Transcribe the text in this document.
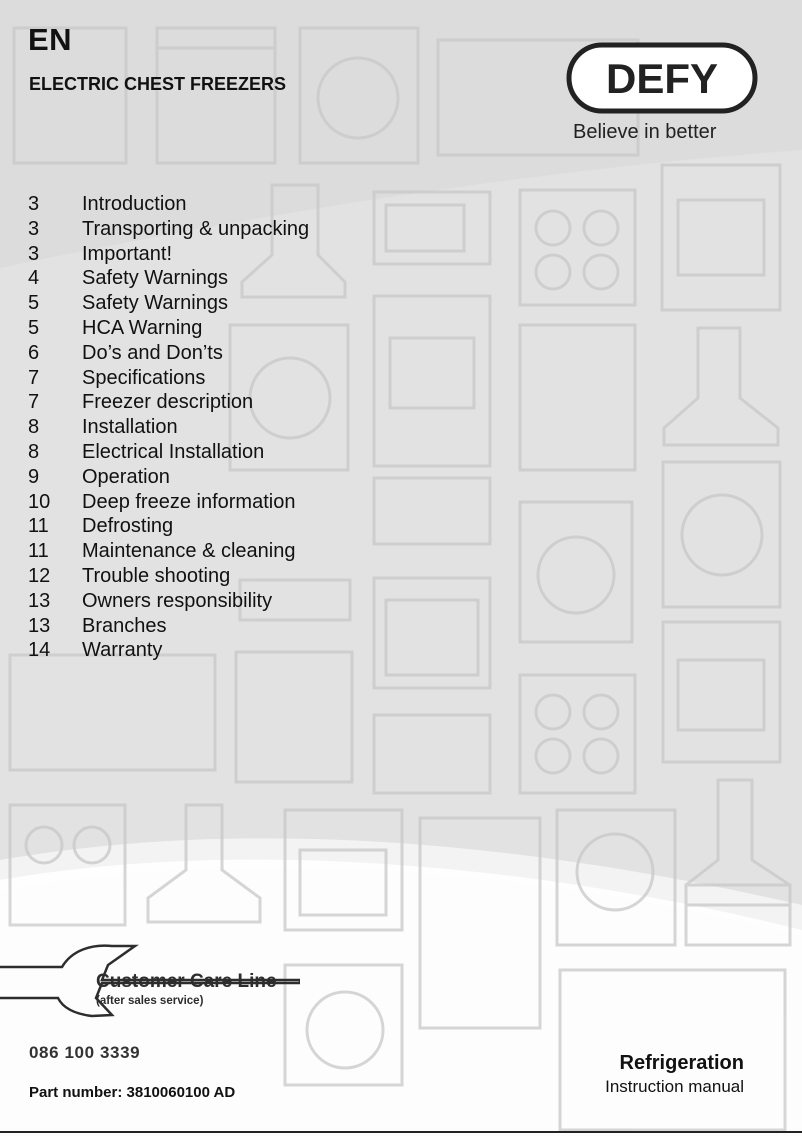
EN
ELECTRIC CHEST FREEZERS	DEFY
Believe in better
3 Introduction
3 Transporting & unpacking
3 Important!
4 Safety Warnings
5 Safety Warnings
5 HCA Warning
6 Do’s and Don’ts
7 Specifications
7 Freezer description
8 Installation
8 Electrical Installation
9 Operation
10 Deep freeze information
11 Defrosting
11 Maintenance & cleaning
12 Trouble shooting
13 Owners responsibility
13 Branches
14 Warranty
Customer Care Line
(after sales service)
086 100 3339
Part number: 3810060100 AD
Refrigeration
Instruction manual
